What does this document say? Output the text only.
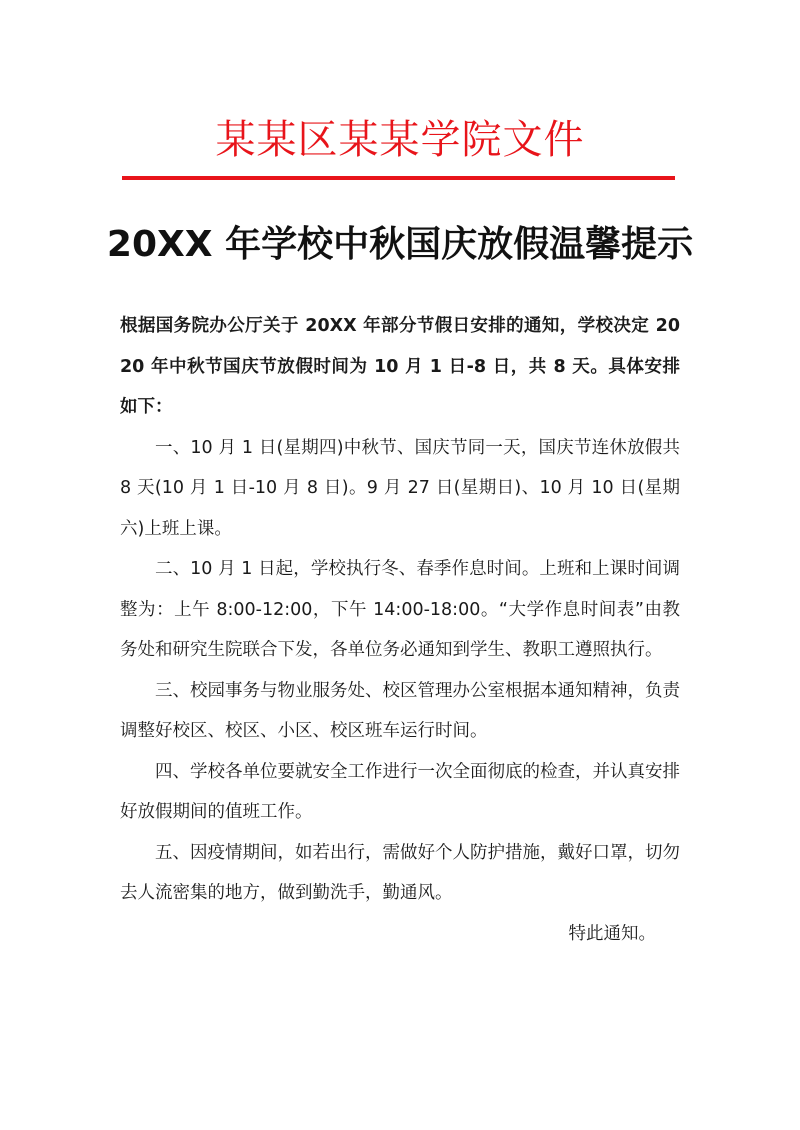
某某区某某学院文件
20XX 年学校中秋国庆放假温馨提示

根据国务院办公厅关于 20XX 年部分节假日安排的通知，学校决定 2020 年中秋节国庆节放假时间为 10 月 1 日-8 日，共 8 天。具体安排如下：

一、10 月 1 日(星期四)中秋节、国庆节同一天，国庆节连休放假共 8 天(10 月 1 日-10 月 8 日)。9 月 27 日(星期日)、10 月 10 日(星期六)上班上课。

二、10 月 1 日起，学校执行冬、春季作息时间。上班和上课时间调整为：上午 8:00-12:00，下午 14:00-18:00。“大学作息时间表”由教务处和研究生院联合下发，各单位务必通知到学生、教职工遵照执行。

三、校园事务与物业服务处、校区管理办公室根据本通知精神，负责调整好校区、校区、小区、校区班车运行时间。

四、学校各单位要就安全工作进行一次全面彻底的检查，并认真安排好放假期间的值班工作。

五、因疫情期间，如若出行，需做好个人防护措施，戴好口罩，切勿去人流密集的地方，做到勤洗手，勤通风。

特此通知。
